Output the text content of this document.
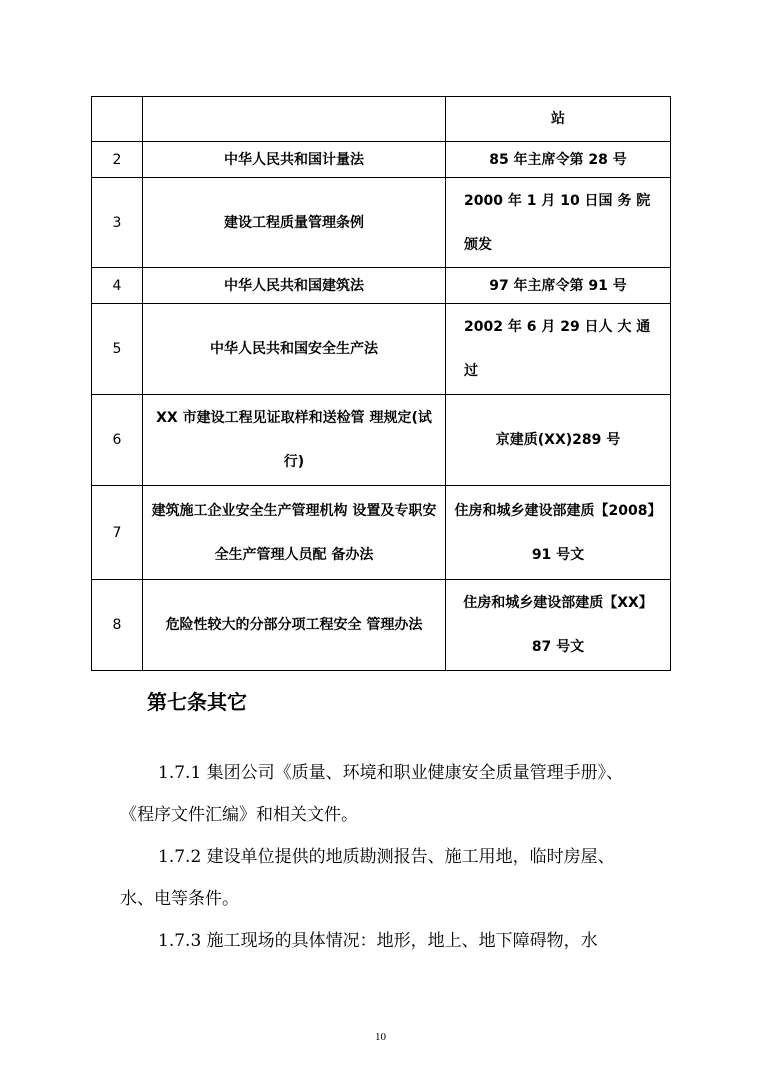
		站
2	中华人民共和国计量法	85 年主席令第 28 号
3	建设工程质量管理条例	2000 年 1 月 10 日国 务 院颁发
4	中华人民共和国建筑法	97 年主席令第 91 号
5	中华人民共和国安全生产法	2002 年 6 月 29 日人 大 通过
6	XX 市建设工程见证取样和送检管 理规定(试行)	京建质(XX)289 号
7	建筑施工企业安全生产管理机构 设置及专职安全生产管理人员配 备办法	住房和城乡建设部建质【2008】91 号文
8	危险性较大的分部分项工程安全 管理办法	住房和城乡建设部建质【XX】87 号文
第七条其它

1.7.1 集团公司《质量、环境和职业健康安全质量管理手册》、《程序文件汇编》和相关文件。

1.7.2 建设单位提供的地质勘测报告、施工用地，临时房屋、水、电等条件。

1.7.3 施工现场的具体情况：地形，地上、地下障碍物，水

10
